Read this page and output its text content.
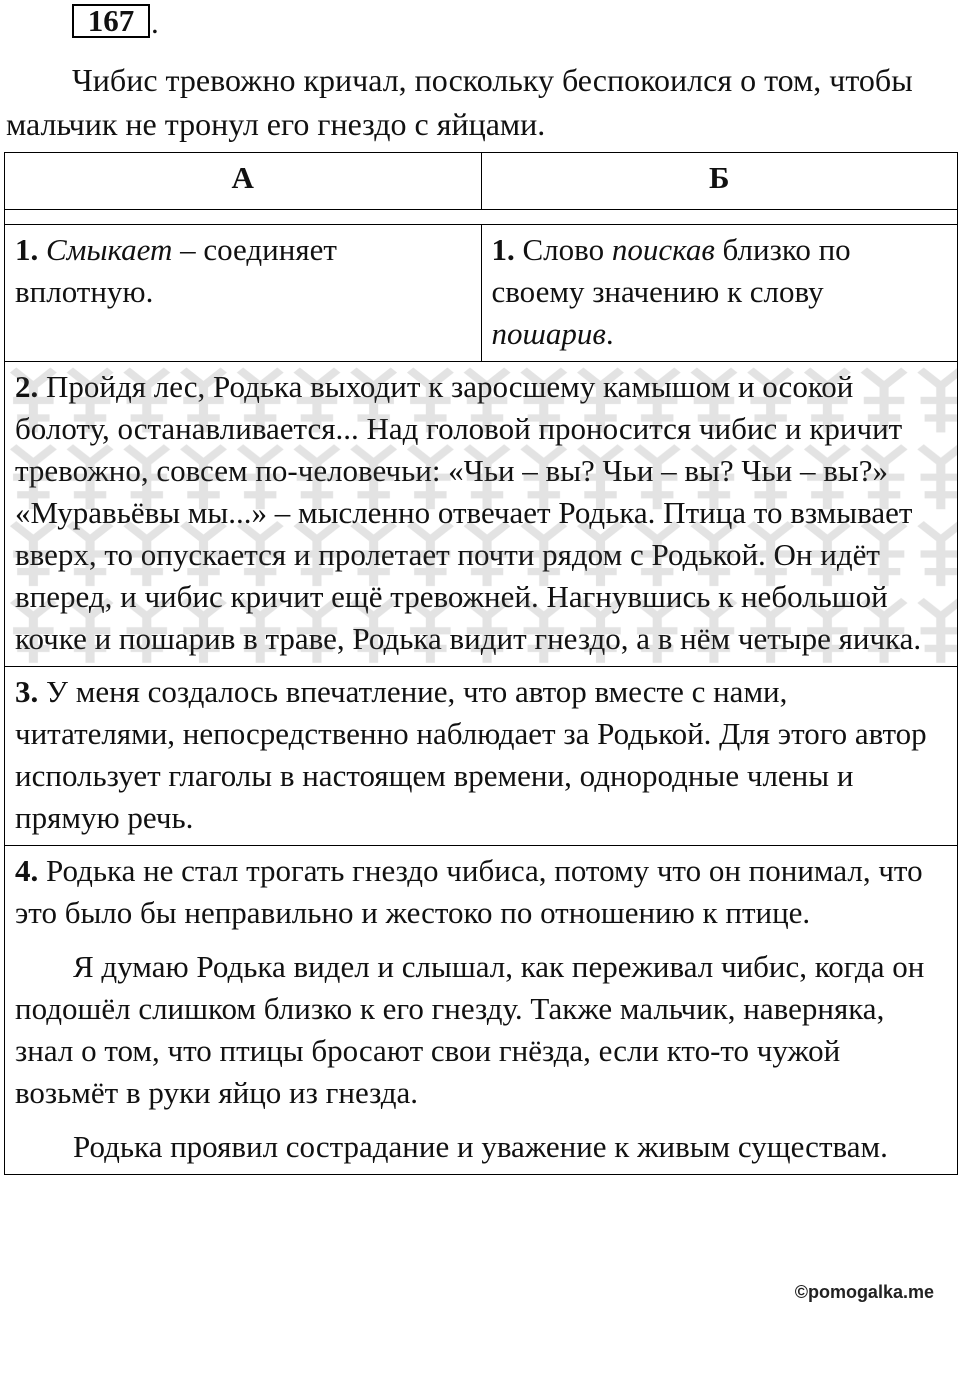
167 .

Чибис тревожно кричал, поскольку беспокоился о том, чтобы мальчик не тронул его гнездо с яйцами.

А	Б

1. Смыкает – соединяет вплотную.	1. Слово поискав близко по своему значению к слову пошарив.

2. Пройдя лес, Родька выходит к заросшему камышом и осокой болоту, останавливается... Над головой проносится чибис и кричит тревожно, совсем по-человечьи: «Чьи – вы? Чьи – вы? Чьи – вы?» «Муравьёвы мы...» – мысленно отвечает Родька. Птица то взмывает вверх, то опускается и пролетает почти рядом с Родькой. Он идёт вперед, и чибис кричит ещё тревожней. Нагнувшись к небольшой кочке и пошарив в траве, Родька видит гнездо, а в нём четыре яичка.	
3. У меня создалось впечатление, что автор вместе с нами, читателями, непосредственно наблюдает за Родькой. Для этого автор использует глаголы в настоящем времени, однородные члены и прямую речь.	

4. Родька не стал трогать гнездо чибиса, потому что он понимал, что это было бы неправильно и жестоко по отношению к птице.

Я думаю Родька видел и слышал, как переживал чибис, когда он подошёл слишком близко к его гнезду. Также мальчик, наверняка, знал о том, что птицы бросают свои гнёзда, если кто-то чужой возьмёт в руки яйцо из гнезда.

Родька проявил сострадание и уважение к живым существам.	

©pomogalka.me
